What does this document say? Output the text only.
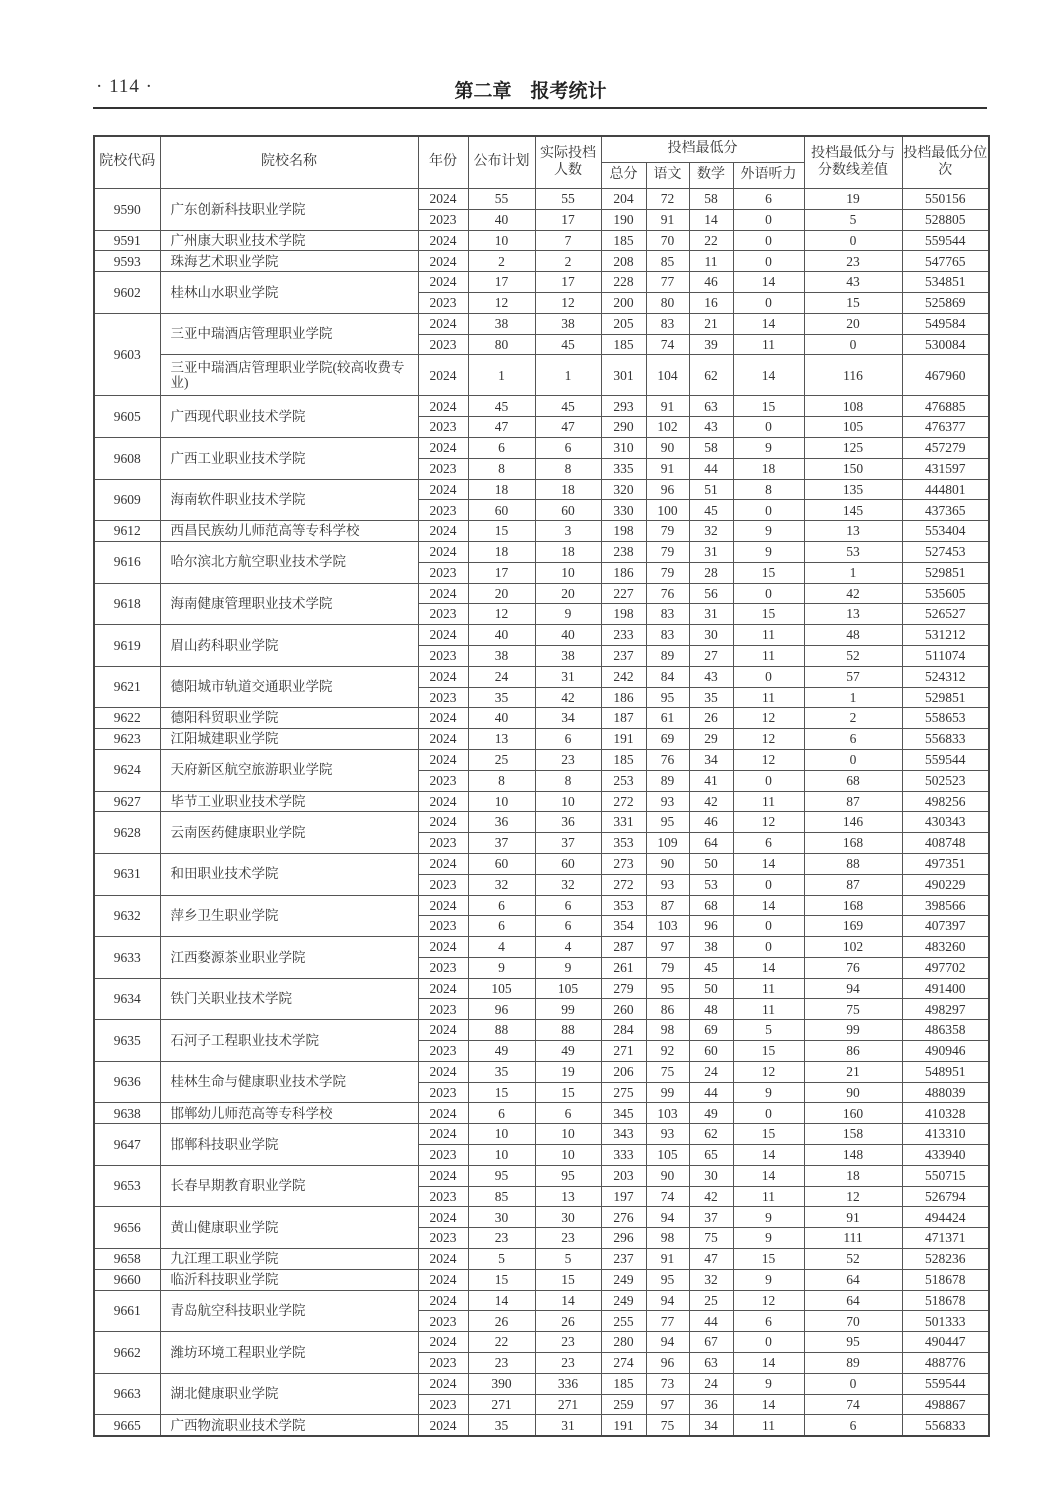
· 114 ·	第二章　报考统计
院校代码	院校名称	年份	公布计划	实际投档人数	投档最低分				投档最低分与分数线差值	投档最低分位次
					总分	语文	数学	外语听力		
9590	广东创新科技职业学院	2024	55	55	204	72	58	6	19	550156
		2023	40	17	190	91	14	0	5	528805
9591	广州康大职业技术学院	2024	10	7	185	70	22	0	0	559544
9593	珠海艺术职业学院	2024	2	2	208	85	11	0	23	547765
9602	桂林山水职业学院	2024	17	17	228	77	46	14	43	534851
		2023	12	12	200	80	16	0	15	525869
9603	三亚中瑞酒店管理职业学院	2024	38	38	205	83	21	14	20	549584
		2023	80	45	185	74	39	11	0	530084
	三亚中瑞酒店管理职业学院(较高收费专业)	2024	1	1	301	104	62	14	116	467960
9605	广西现代职业技术学院	2024	45	45	293	91	63	15	108	476885
		2023	47	47	290	102	43	0	105	476377
9608	广西工业职业技术学院	2024	6	6	310	90	58	9	125	457279
		2023	8	8	335	91	44	18	150	431597
9609	海南软件职业技术学院	2024	18	18	320	96	51	8	135	444801
		2023	60	60	330	100	45	0	145	437365
9612	西昌民族幼儿师范高等专科学校	2024	15	3	198	79	32	9	13	553404
9616	哈尔滨北方航空职业技术学院	2024	18	18	238	79	31	9	53	527453
		2023	17	10	186	79	28	15	1	529851
9618	海南健康管理职业技术学院	2024	20	20	227	76	56	0	42	535605
		2023	12	9	198	83	31	15	13	526527
9619	眉山药科职业学院	2024	40	40	233	83	30	11	48	531212
		2023	38	38	237	89	27	11	52	511074
9621	德阳城市轨道交通职业学院	2024	24	31	242	84	43	0	57	524312
		2023	35	42	186	95	35	11	1	529851
9622	德阳科贸职业学院	2024	40	34	187	61	26	12	2	558653
9623	江阳城建职业学院	2024	13	6	191	69	29	12	6	556833
9624	天府新区航空旅游职业学院	2024	25	23	185	76	34	12	0	559544
		2023	8	8	253	89	41	0	68	502523
9627	毕节工业职业技术学院	2024	10	10	272	93	42	11	87	498256
9628	云南医药健康职业学院	2024	36	36	331	95	46	12	146	430343
		2023	37	37	353	109	64	6	168	408748
9631	和田职业技术学院	2024	60	60	273	90	50	14	88	497351
		2023	32	32	272	93	53	0	87	490229
9632	萍乡卫生职业学院	2024	6	6	353	87	68	14	168	398566
		2023	6	6	354	103	96	0	169	407397
9633	江西婺源茶业职业学院	2024	4	4	287	97	38	0	102	483260
		2023	9	9	261	79	45	14	76	497702
9634	铁门关职业技术学院	2024	105	105	279	95	50	11	94	491400
		2023	96	99	260	86	48	11	75	498297
9635	石河子工程职业技术学院	2024	88	88	284	98	69	5	99	486358
		2023	49	49	271	92	60	15	86	490946
9636	桂林生命与健康职业技术学院	2024	35	19	206	75	24	12	21	548951
		2023	15	15	275	99	44	9	90	488039
9638	邯郸幼儿师范高等专科学校	2024	6	6	345	103	49	0	160	410328
9647	邯郸科技职业学院	2024	10	10	343	93	62	15	158	413310
		2023	10	10	333	105	65	14	148	433940
9653	长春早期教育职业学院	2024	95	95	203	90	30	14	18	550715
		2023	85	13	197	74	42	11	12	526794
9656	黄山健康职业学院	2024	30	30	276	94	37	9	91	494424
		2023	23	23	296	98	75	9	111	471371
9658	九江理工职业学院	2024	5	5	237	91	47	15	52	528236
9660	临沂科技职业学院	2024	15	15	249	95	32	9	64	518678
9661	青岛航空科技职业学院	2024	14	14	249	94	25	12	64	518678
		2023	26	26	255	77	44	6	70	501333
9662	潍坊环境工程职业学院	2024	22	23	280	94	67	0	95	490447
		2023	23	23	274	96	63	14	89	488776
9663	湖北健康职业学院	2024	390	336	185	73	24	9	0	559544
		2023	271	271	259	97	36	14	74	498867
9665	广西物流职业技术学院	2024	35	31	191	75	34	11	6	556833
